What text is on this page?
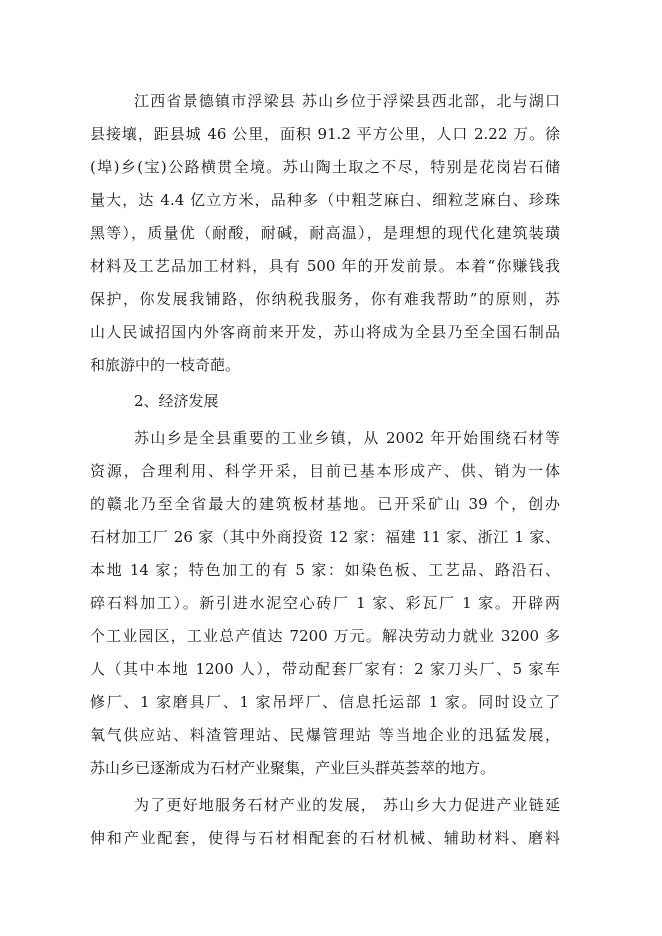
江西省景德镇市浮梁县 苏山乡位于浮梁县西北部，北与湖口
县接壤，距县城 46 公里，面积 91.2 平方公里，人口 2.22 万。徐
(埠)乡(宝)公路横贯全境。苏山陶土取之不尽，特别是花岗岩石储
量大，达 4.4 亿立方米，品种多（中粗芝麻白、细粒芝麻白、珍珠
黑等），质量优（耐酸，耐碱，耐高温），是理想的现代化建筑装璜
材料及工艺品加工材料，具有 500 年的开发前景。本着“你赚钱我
保护，你发展我铺路，你纳税我服务，你有难我帮助”的原则，苏
山人民诚招国内外客商前来开发，苏山将成为全县乃至全国石制品
和旅游中的一枝奇葩。
2、经济发展
苏山乡是全县重要的工业乡镇，从 2002 年开始围绕石材等
资源，合理利用、科学开采，目前已基本形成产、供、销为一体
的赣北乃至全省最大的建筑板材基地。已开采矿山 39 个，创办
石材加工厂 26 家（其中外商投资 12 家：福建 11 家、浙江 1 家、
本地 14 家；特色加工的有 5 家：如染色板、工艺品、路沿石、
碎石料加工）。新引进水泥空心砖厂 1 家、彩瓦厂 1 家。开辟两
个工业园区，工业总产值达 7200 万元。解决劳动力就业 3200 多
人（其中本地 1200 人），带动配套厂家有：2 家刀头厂、5 家车
修厂、1 家磨具厂、1 家吊坪厂、信息托运部 1 家。同时设立了
氧气供应站、料渣管理站、民爆管理站 等当地企业的迅猛发展，
苏山乡已逐渐成为石材产业聚集，产业巨头群英荟萃的地方。
为了更好地服务石材产业的发展， 苏山乡大力促进产业链延
伸和产业配套，使得与石材相配套的石材机械、辅助材料、磨料
